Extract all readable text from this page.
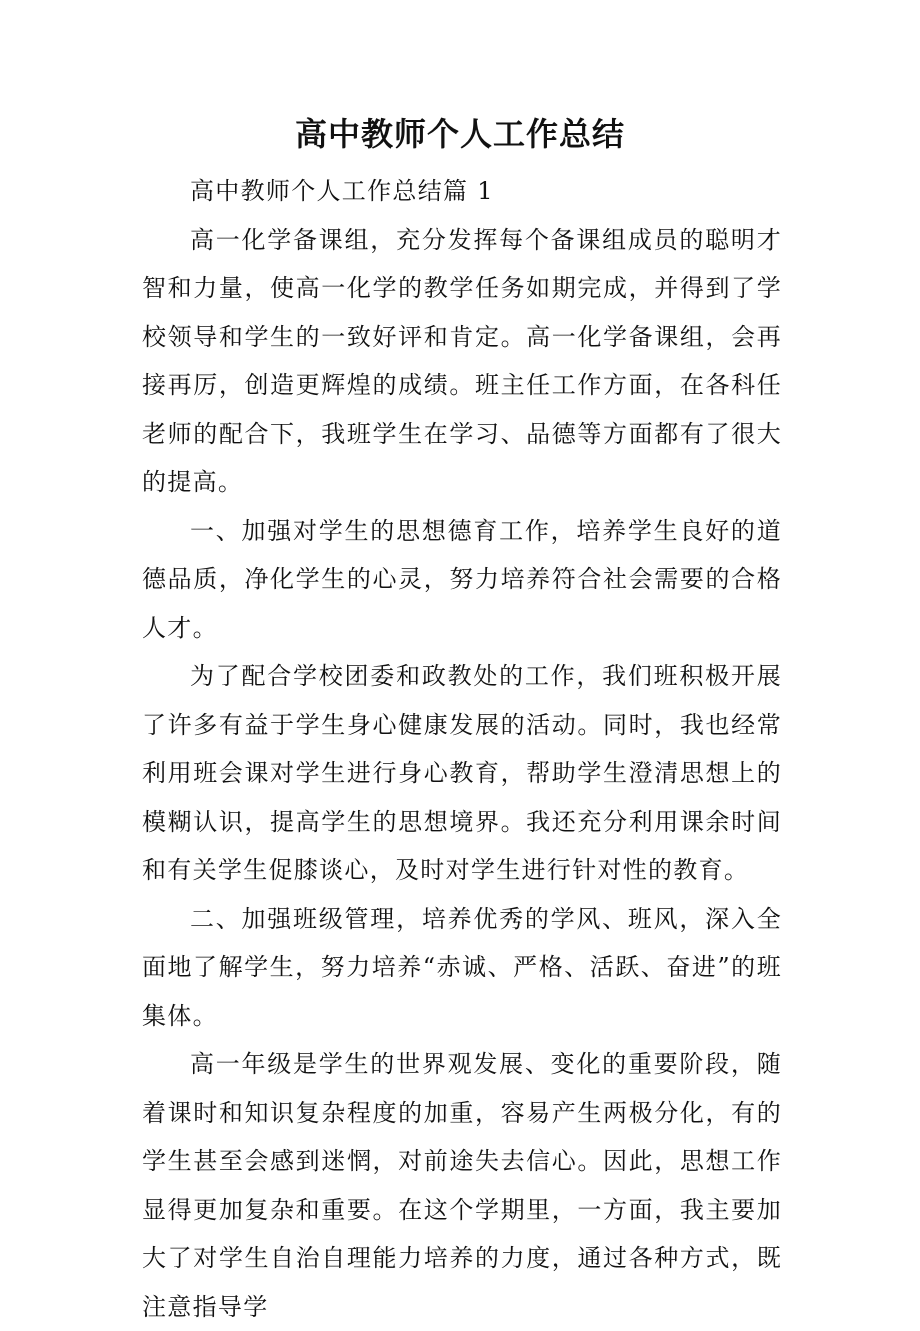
高中教师个人工作总结

高中教师个人工作总结篇 1

高一化学备课组，充分发挥每个备课组成员的聪明才智和力量，使高一化学的教学任务如期完成，并得到了学校领导和学生的一致好评和肯定。高一化学备课组，会再接再厉，创造更辉煌的成绩。班主任工作方面，在各科任老师的配合下，我班学生在学习、品德等方面都有了很大的提高。

一、加强对学生的思想德育工作，培养学生良好的道德品质，净化学生的心灵，努力培养符合社会需要的合格人才。

为了配合学校团委和政教处的工作，我们班积极开展了许多有益于学生身心健康发展的活动。同时，我也经常利用班会课对学生进行身心教育，帮助学生澄清思想上的模糊认识，提高学生的思想境界。我还充分利用课余时间和有关学生促膝谈心，及时对学生进行针对性的教育。

二、加强班级管理，培养优秀的学风、班风，深入全面地了解学生，努力培养“赤诚、严格、活跃、奋进”的班集体。

高一年级是学生的世界观发展、变化的重要阶段，随着课时和知识复杂程度的加重，容易产生两极分化，有的学生甚至会感到迷惘，对前途失去信心。因此，思想工作显得更加复杂和重要。在这个学期里，一方面，我主要加大了对学生自治自理能力培养的力度，通过各种方式，既注意指导学
